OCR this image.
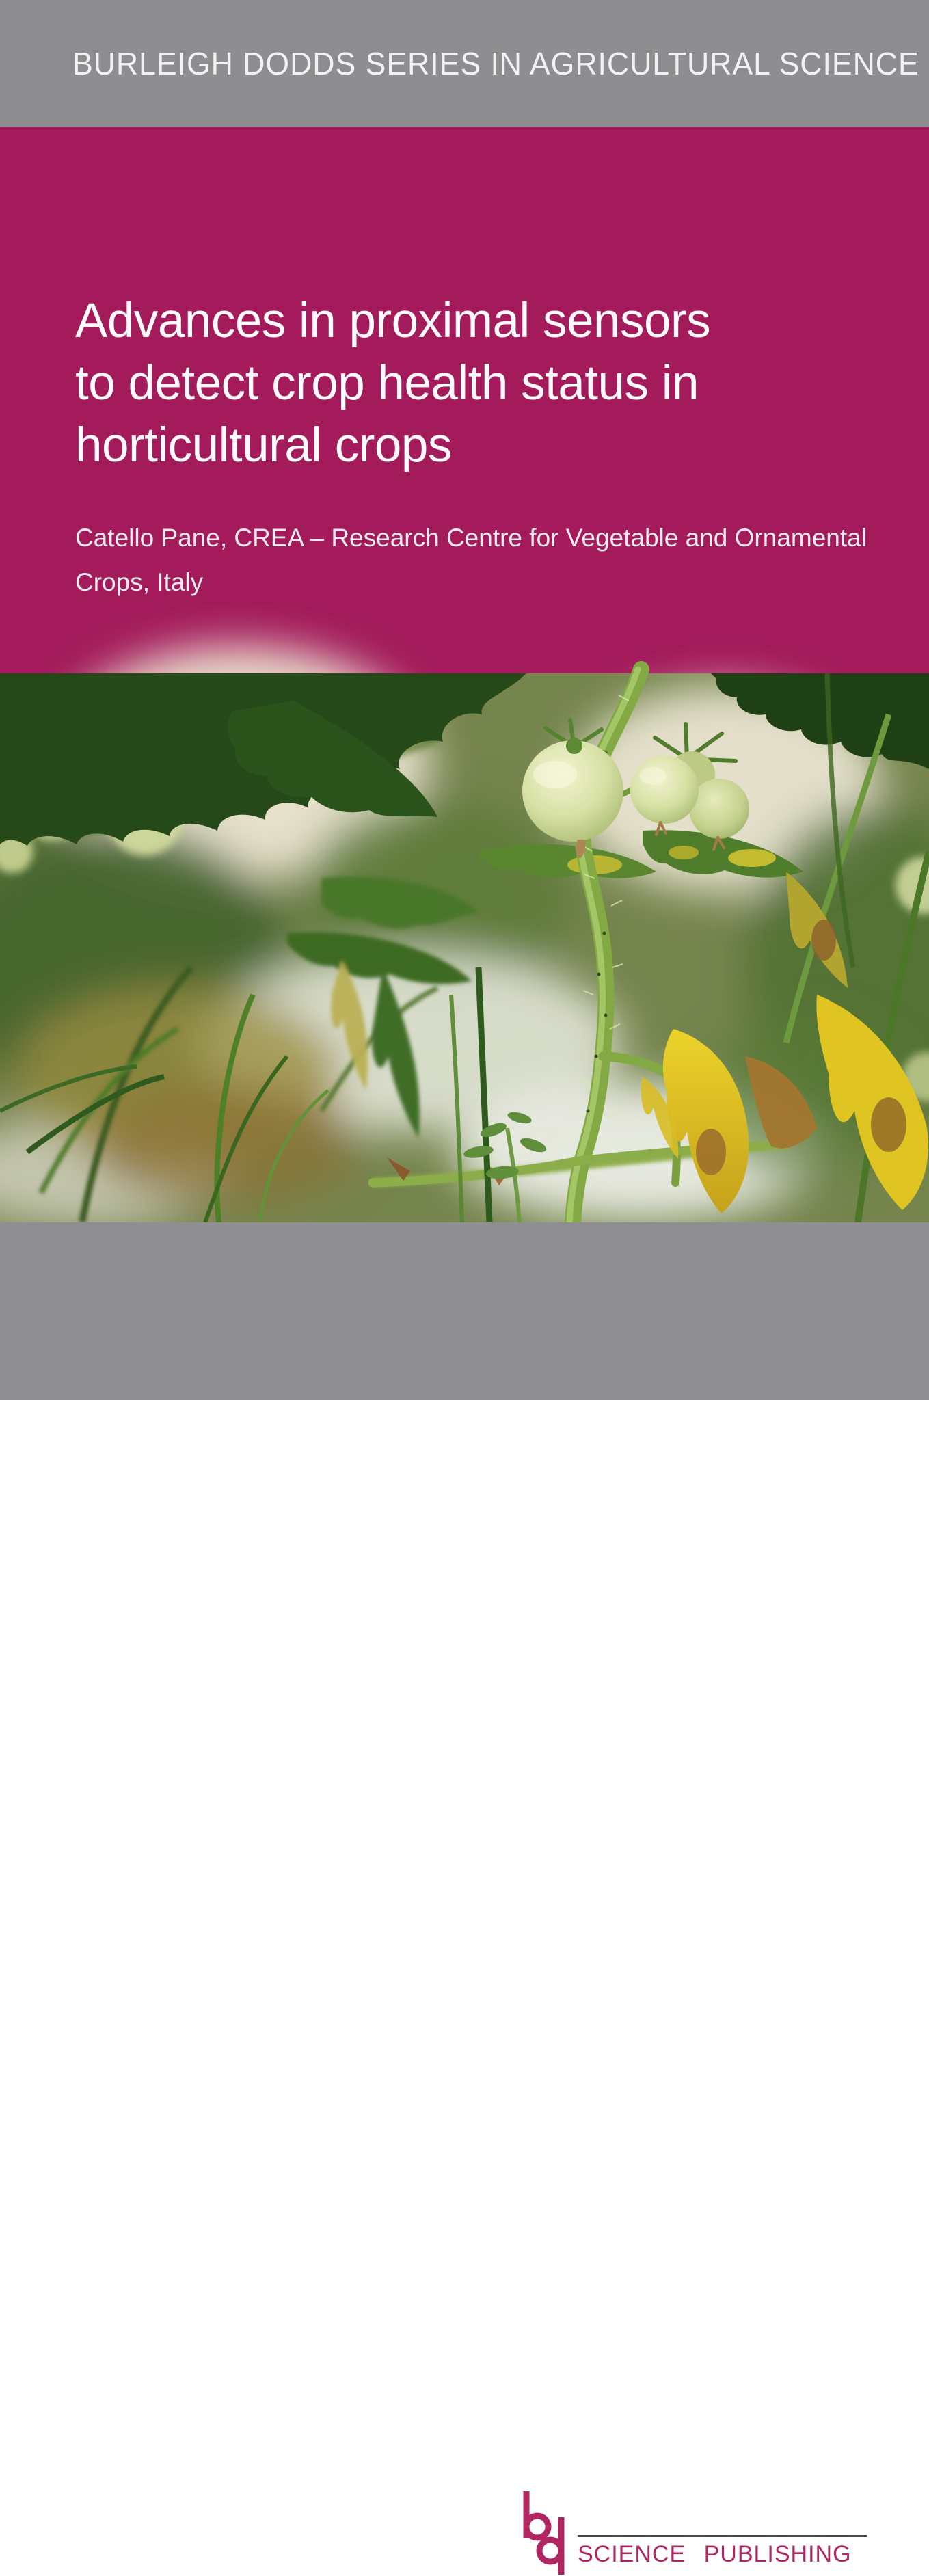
BURLEIGH DODDS SERIES IN AGRICULTURAL SCIENCE
Advances in proximal sensors
to detect crop health status in
horticultural crops

Catello Pane, CREA – Research Centre for Vegetable and Ornamental
Crops, Italy

burleigh dodds
SCIENCE PUBLISHING
